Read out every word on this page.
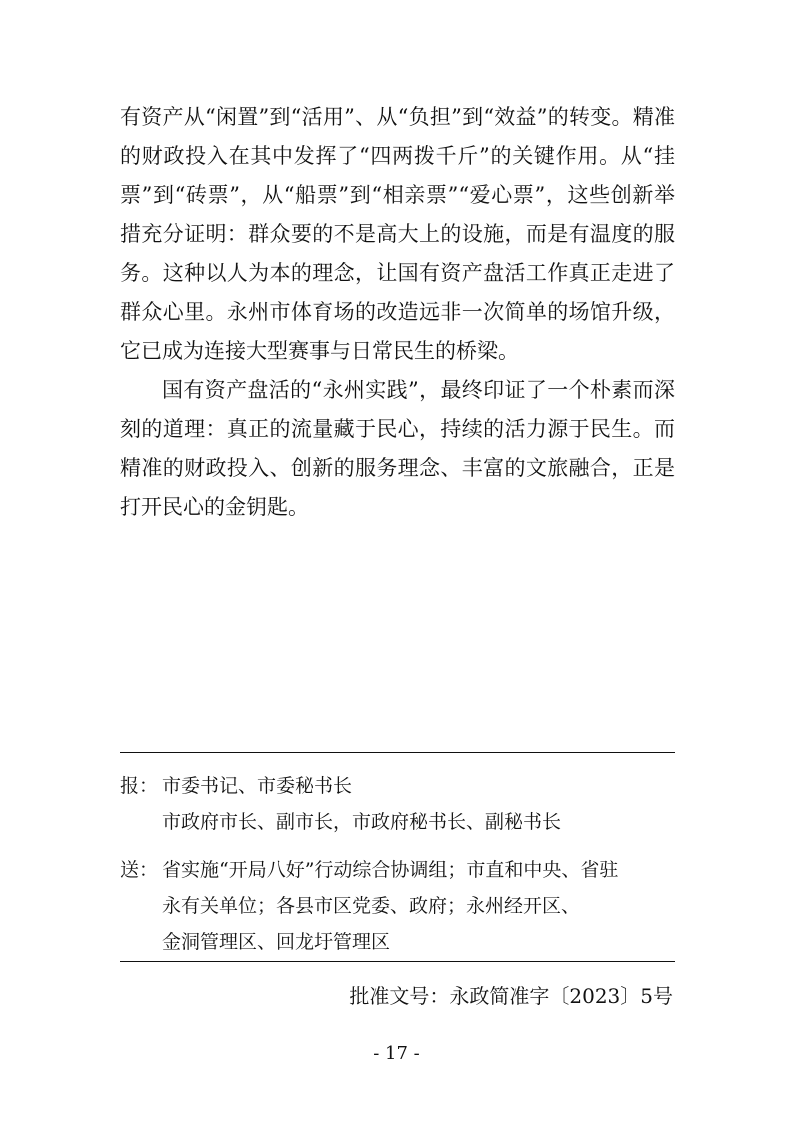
有资产从“闲置”到“活用”、从“负担”到“效益”的转变。精准的财政投入在其中发挥了“四两拨千斤”的关键作用。从“挂票”到“砖票”，从“船票”到“相亲票”“爱心票”，这些创新举措充分证明：群众要的不是高大上的设施，而是有温度的服务。这种以人为本的理念，让国有资产盘活工作真正走进了群众心里。永州市体育场的改造远非一次简单的场馆升级，它已成为连接大型赛事与日常民生的桥梁。

国有资产盘活的“永州实践”，最终印证了一个朴素而深刻的道理：真正的流量藏于民心，持续的活力源于民生。而精准的财政投入、创新的服务理念、丰富的文旅融合，正是打开民心的金钥匙。

报： 市委书记、市委秘书长
市政府市长、副市长，市政府秘书长、副秘书长
送： 省实施“开局八好”行动综合协调组；市直和中央、省驻
永有关单位；各县市区党委、政府；永州经开区、
金洞管理区、回龙圩管理区
批准文号：永政简准字〔2023〕5号
- 17 -
